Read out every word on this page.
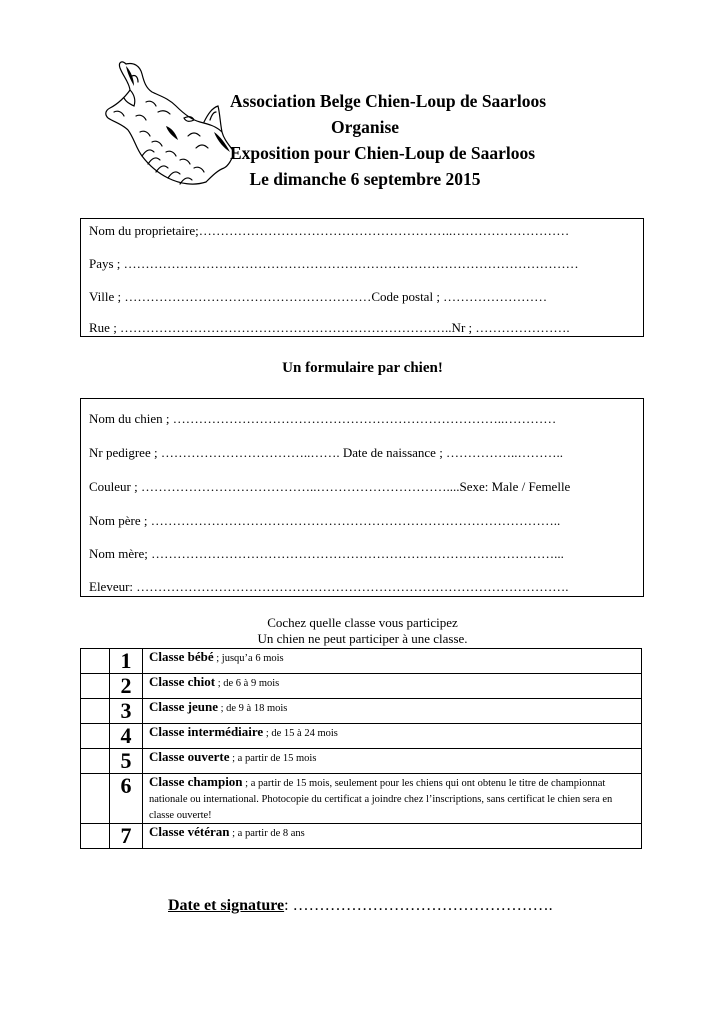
Association Belge Chien-Loup de Saarloos
Organise
Exposition pour Chien-Loup de Saarloos
Le dimanche 6 septembre 2015
Nom du proprietaire;…………………………………………………..………………………
Pays ; ……………………………………………………………………………………………
Ville ; …………………………………………………Code postal ; ……………………
Rue ; …………………………………………………………………..Nr ; ………………….
Un formulaire par chien!
Nom du chien ; …………………………………………………………………..…………
Nr pedigree ; ……………………………..……. Date de naissance ; ……………..………..
Couleur ; …………………………………..…………………………....Sexe: Male / Femelle
Nom père ; …………………………………………………………………………………..
Nom mère; …………………………………………………………………………………...
Eleveur: ……………………………………………………………………………………….
Cochez quelle classe vous participez
Un chien ne peut participer à une classe.
	1	Classe bébé ; jusqu’a 6 mois
	2	Classe chiot ; de 6 à 9 mois
	3	Classe jeune ; de 9 à 18 mois
	4	Classe intermédiaire ; de 15 à 24 mois
	5	Classe ouverte ; a partir de 15 mois
	6	Classe champion ; a partir de 15 mois, seulement pour les chiens qui ont obtenu le titre de championnat nationale ou international. Photocopie du certificat a joindre chez l’inscriptions, sans certificat le chien sera en classe ouverte!
	7	Classe vétéran ; a partir de 8 ans
Date et signature: ………………………………………….
